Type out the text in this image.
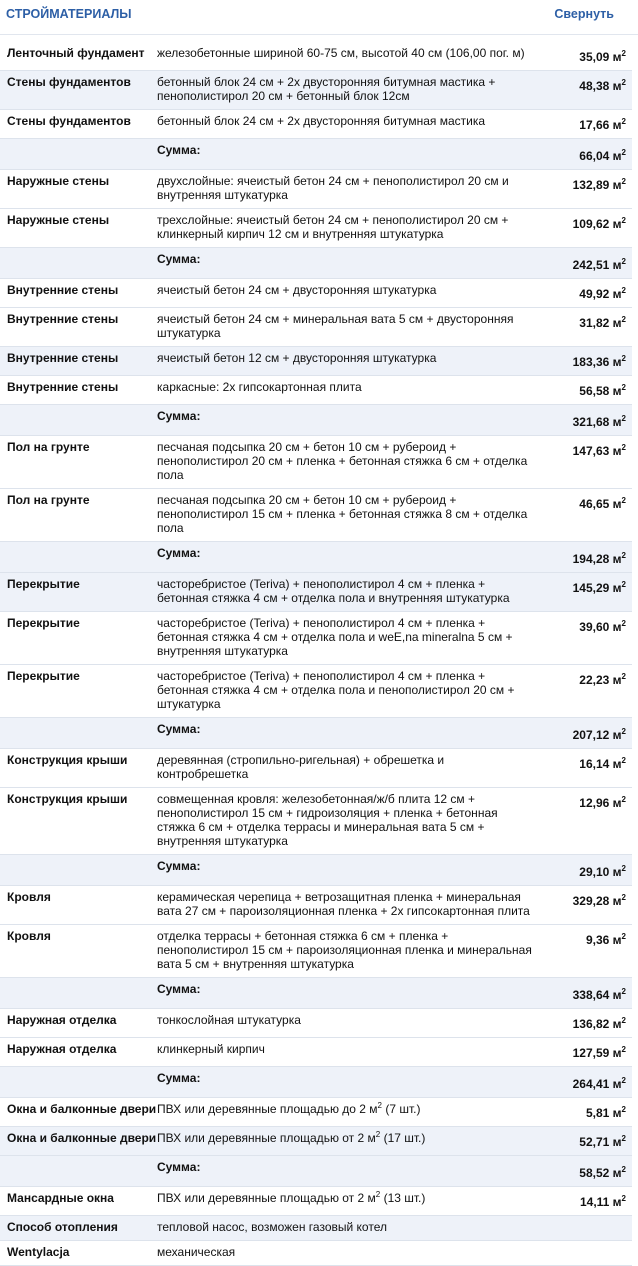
СТРОЙМАТЕРИАЛЫ	Свернуть
Ленточный фундамент	железобетонные шириной 60-75 см, высотой 40 см (106,00 пог. м)	35,09 $м^2$
Стены фундаментов	бетонный блок 24 см + 2х двусторонняя битумная мастика + пенополистирол 20 см + бетонный блок 12см	48,38 $м^2$
Стены фундаментов	бетонный блок 24 см + 2х двусторонняя битумная мастика	17,66 $м^2$
	Сумма:	66,04 $м^2$
Наружные стены	двухслойные: ячеистый бетон 24 см + пенополистирол 20 см и внутренняя штукатурка	132,89 $м^2$
Наружные стены	трехслойные: ячеистый бетон 24 см + пенополистирол 20 см + клинкерный кирпич 12 см и внутренняя штукатурка	109,62 $м^2$
	Сумма:	242,51 $м^2$
Внутренние стены	ячеистый бетон 24 см + двусторонняя штукатурка	49,92 $м^2$
Внутренние стены	ячеистый бетон 24 см + минеральная вата 5 см + двусторонняя штукатурка	31,82 $м^2$
Внутренние стены	ячеистый бетон 12 см + двусторонняя штукатурка	183,36 $м^2$
Внутренние стены	каркасные: 2х гипсокартонная плита	56,58 $м^2$
	Сумма:	321,68 $м^2$
Пол на грунте	песчаная подсыпка 20 см + бетон 10 см + рубероид + пенополистирол 20 см + пленка + бетонная стяжка 6 см + отделка пола	147,63 $м^2$
Пол на грунте	песчаная подсыпка 20 см + бетон 10 см + рубероид + пенополистирол 15 см + пленка + бетонная стяжка 8 см + отделка пола	46,65 $м^2$
	Сумма:	194,28 $м^2$
Перекрытие	часторебристое (Teriva) + пенополистирол 4 см + пленка + бетонная стяжка 4 см + отделка пола и внутренняя штукатурка	145,29 $м^2$
Перекрытие	часторебристое (Teriva) + пенополистирол 4 см + пленка + бетонная стяжка 4 см + отделка пола и weE,na mineralna 5 см + внутренняя штукатурка	39,60 $м^2$
Перекрытие	часторебристое (Teriva) + пенополистирол 4 см + пленка + бетонная стяжка 4 см + отделка пола и пенополистирол 20 см + штукатурка	22,23 $м^2$
	Сумма:	207,12 $м^2$
Конструкция крыши	деревянная (стропильно-ригельная) + обрешетка и контробрешетка	16,14 $м^2$
Конструкция крыши	совмещенная кровля: железобетонная/ж/б плита 12 см + пенополистирол 15 см + гидроизоляция + пленка + бетонная стяжка 6 см + отделка террасы и минеральная вата 5 см + внутренняя штукатурка	12,96 $м^2$
	Сумма:	29,10 $м^2$
Кровля	керамическая черепица + ветрозащитная пленка + минеральная вата 27 см + пароизоляционная пленка + 2х гипсокартонная плита	329,28 $м^2$
Кровля	отделка террасы + бетонная стяжка 6 см + пленка + пенополистирол 15 см + пароизоляционная пленка и минеральная вата 5 см + внутренняя штукатурка	9,36 $м^2$
	Сумма:	338,64 $м^2$
Наружная отделка	тонкослойная штукатурка	136,82 $м^2$
Наружная отделка	клинкерный кирпич	127,59 $м^2$
	Сумма:	264,41 $м^2$
Окна и балконные двери	ПВХ или деревянные площадью до 2 $м^2$ (7 шт.)	5,81 $м^2$
Окна и балконные двери	ПВХ или деревянные площадью от 2 $м^2$ (17 шт.)	52,71 $м^2$
	Сумма:	58,52 $м^2$
Мансардные окна	ПВХ или деревянные площадью от 2 $м^2$ (13 шт.)	14,11 $м^2$
Способ отопления	тепловой насос, возможен газовый котел	
Wentylacja	механическая	
